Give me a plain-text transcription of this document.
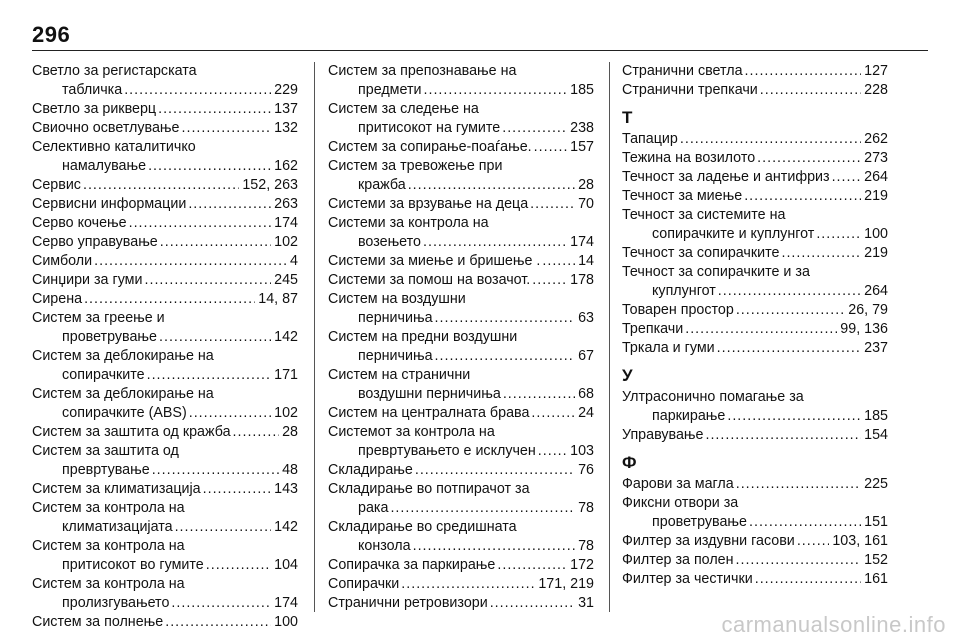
296
Светло за регистарската
табличка .....	229
Светло за рикверц .....	137
Свиочно осветлување .....	132
Селективно каталитичко
намалување .....	162
Сервис .....	152, 263
Сервисни информации .....	263
Серво кочење .....	174
Серво управување .....	102
Симболи .....	4
Синџири за гуми .....	245
Сирена .....	14, 87
Систем за греење и
проветрување .....	142
Систем за деблокирање на
сопирачките .....	171
Систем за деблокирање на
сопирачките (ABS) .....	102
Систем за заштита од кражба .....	28
Систем за заштита од
превртување .....	48
Систем за климатизација .....	143
Систем за контрола на
климатизацијата .....	142
Систем за контрола на
притисокот во гумите .....	104
Систем за контрола на
пролизгувањето .....	174
Систем за полнење .....	100
Систем за препознавање на
предмети .....	185
Систем за следење на
притисокот на гумите .....	238
Систем за сопирање-поаѓање. .....	157
Систем за тревожење при
кражба .....	28
Системи за врзување на деца .....	70
Системи за контрола на
возењето .....	174
Системи за миење и бришење . .....	14
Системи за помош на возачот. .....	178
Систем на воздушни
перничиња .....	63
Систем на предни воздушни
перничиња .....	67
Систем на странични
воздушни перничиња .....	68
Систем на централната брава .....	24
Системот за контрола на
превртувањето е исклучен ..... 103
Складирање .....	76
Складирање во потпирачот за
рака .....	78
Складирање во средишната
конзола .....	78
Сопирачка за паркирање .....	172
Сопирачки .....	171, 219
Странични ретровизори .....	31
Странични светла .....	127
Странични трепкачи .....	228
Т
Тапацир .....	262
Тежина на возилото .....	273
Течност за ладење и антифриз ..... 264
Течност за миење .....	219
Течност за системите на
сопирачките и куплунгот .....	100
Течност за сопирачките .....	219
Течност за сопирачките и за
куплунгот .....	264
Товарен простор .....	26, 79
Трепкачи .....	99, 136
Тркала и гуми .....	237
У
Ултрасонично помагање за
паркирање .....	185
Управување .....	154
Ф
Фарови за магла .....	225
Фиксни отвори за
проветрување .....	151
Филтер за издувни гасови .....	103, 161
Филтер за полен .....	152
Филтер за честички .....	161
carmanualsonline.info
